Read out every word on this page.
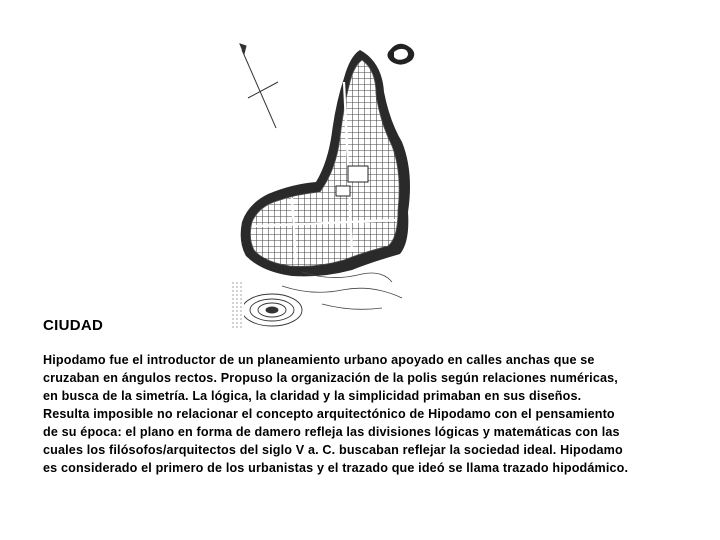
CIUDAD

Hipodamo fue el introductor de un planeamiento urbano apoyado en calles anchas que se
cruzaban en ángulos rectos. Propuso la organización de la polis según relaciones numéricas,
en busca de la simetría. La lógica, la claridad y la simplicidad primaban en sus diseños.
Resulta imposible no relacionar el concepto arquitectónico de Hipodamo con el pensamiento
de su época: el plano en forma de damero refleja las divisiones lógicas y matemáticas con las
cuales los filósofos/arquitectos del siglo V a. C. buscaban reflejar la sociedad ideal. Hipodamo
es considerado el primero de los urbanistas y el trazado que ideó se llama trazado hipodámico.
